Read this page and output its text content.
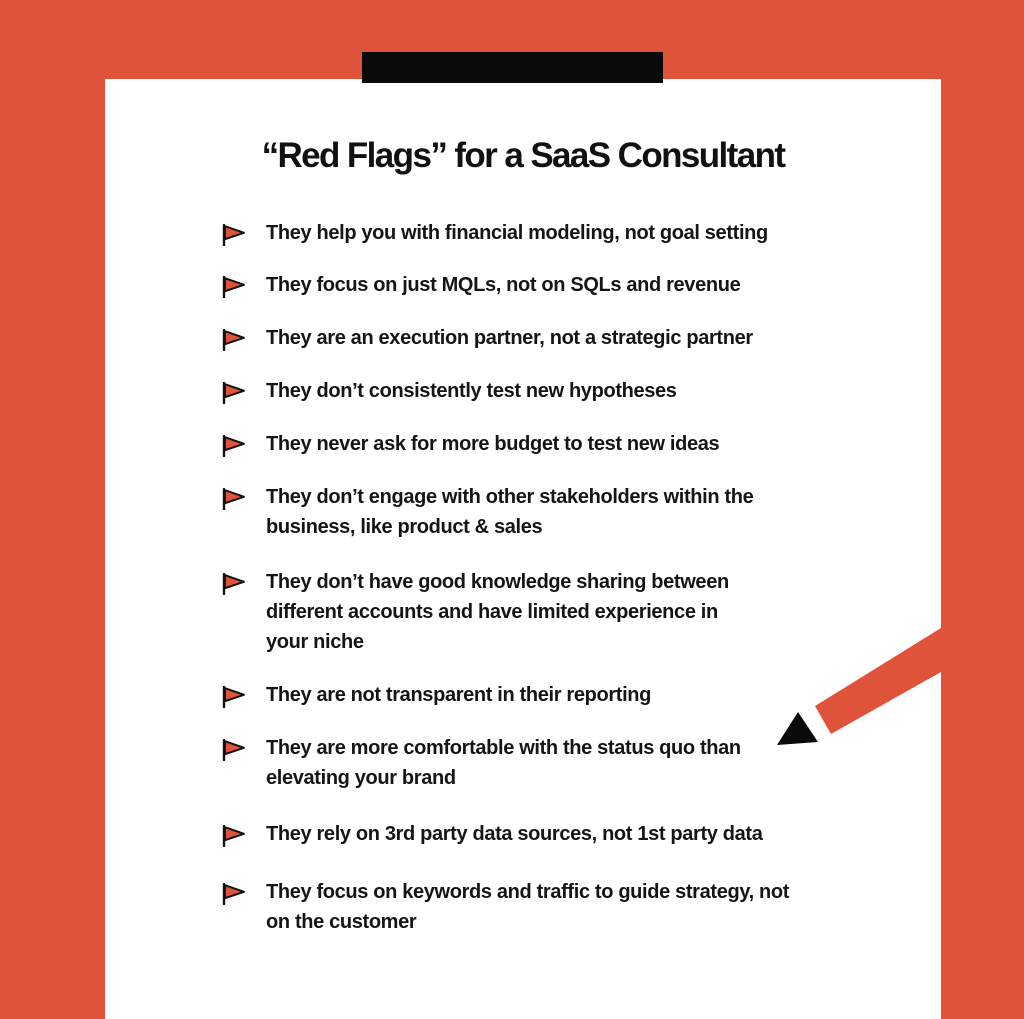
“Red Flags” for a SaaS Consultant
They help you with financial modeling, not goal setting
They focus on just MQLs, not on SQLs and revenue
They are an execution partner, not a strategic partner
They don’t consistently test new hypotheses
They never ask for more budget to test new ideas
They don’t engage with other stakeholders within the
business, like product & sales
They don’t have good knowledge sharing between
different accounts and have limited experience in
your niche
They are not transparent in their reporting
They are more comfortable with the status quo than
elevating your brand
They rely on 3rd party data sources, not 1st party data
They focus on keywords and traffic to guide strategy, not
on the customer
